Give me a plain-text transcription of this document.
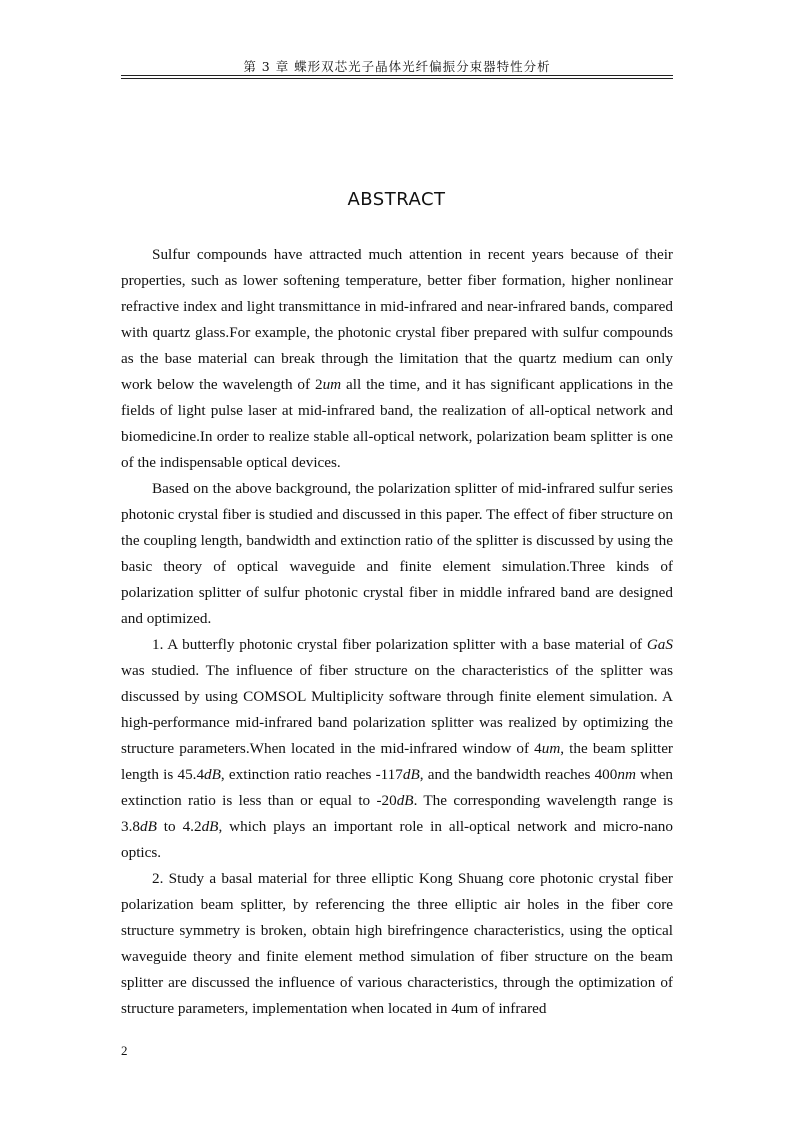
第 3 章 蝶形双芯光子晶体光纤偏振分束器特性分析
ABSTRACT

Sulfur compounds have attracted much attention in recent years because of their properties, such as lower softening temperature, better fiber formation, higher nonlinear refractive index and light transmittance in mid-infrared and near-infrared bands, compared with quartz glass.For example, the photonic crystal fiber prepared with sulfur compounds as the base material can break through the limitation that the quartz medium can only work below the wavelength of 2um all the time, and it has significant applications in the fields of light pulse laser at mid-infrared band, the realization of all-optical network and biomedicine.In order to realize stable all-optical network, polarization beam splitter is one of the indispensable optical devices.

Based on the above background, the polarization splitter of mid-infrared sulfur series photonic crystal fiber is studied and discussed in this paper. The effect of fiber structure on the coupling length, bandwidth and extinction ratio of the splitter is discussed by using the basic theory of optical waveguide and finite element simulation.Three kinds of polarization splitter of sulfur photonic crystal fiber in middle infrared band are designed and optimized.

1. A butterfly photonic crystal fiber polarization splitter with a base material of GaS was studied. The influence of fiber structure on the characteristics of the splitter was discussed by using COMSOL Multiplicity software through finite element simulation. A high-performance mid-infrared band polarization splitter was realized by optimizing the structure parameters.When located in the mid-infrared window of 4um, the beam splitter length is 45.4dB, extinction ratio reaches -117dB, and the bandwidth reaches 400nm when extinction ratio is less than or equal to -20dB. The corresponding wavelength range is 3.8dB to 4.2dB, which plays an important role in all-optical network and micro-nano optics.

2. Study a basal material for three elliptic Kong Shuang core photonic crystal fiber polarization beam splitter, by referencing the three elliptic air holes in the fiber core structure symmetry is broken, obtain high birefringence characteristics, using the optical waveguide theory and finite element method simulation of fiber structure on the beam splitter are discussed the influence of various characteristics, through the optimization of structure parameters, implementation when located in 4um of infrared

2
